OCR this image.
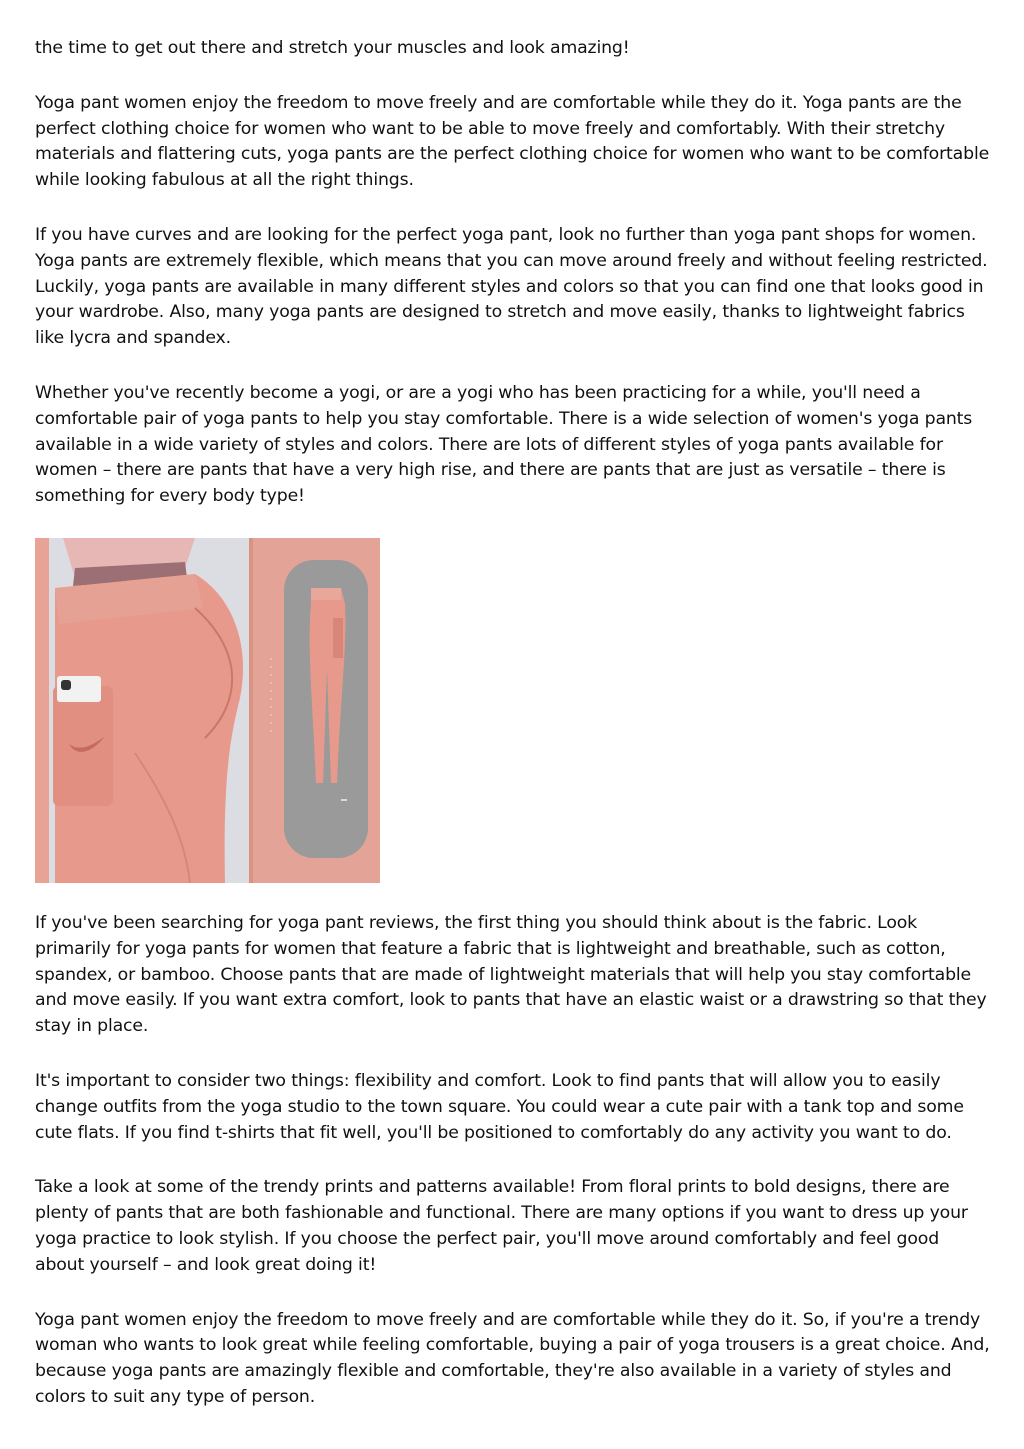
the time to get out there and stretch your muscles and look amazing!

Yoga pant women enjoy the freedom to move freely and are comfortable while they do it. Yoga pants are the perfect clothing choice for women who want to be able to move freely and comfortably. With their stretchy materials and flattering cuts, yoga pants are the perfect clothing choice for women who want to be comfortable while looking fabulous at all the right things.

If you have curves and are looking for the perfect yoga pant, look no further than yoga pant shops for women. Yoga pants are extremely flexible, which means that you can move around freely and without feeling restricted. Luckily, yoga pants are available in many different styles and colors so that you can find one that looks good in your wardrobe. Also, many yoga pants are designed to stretch and move easily, thanks to lightweight fabrics like lycra and spandex.

Whether you've recently become a yogi, or are a yogi who has been practicing for a while, you'll need a comfortable pair of yoga pants to help you stay comfortable. There is a wide selection of women's yoga pants available in a wide variety of styles and colors. There are lots of different styles of yoga pants available for women – there are pants that have a very high rise, and there are pants that are just as versatile – there is something for every body type!

If you've been searching for yoga pant reviews, the first thing you should think about is the fabric. Look primarily for yoga pants for women that feature a fabric that is lightweight and breathable, such as cotton, spandex, or bamboo. Choose pants that are made of lightweight materials that will help you stay comfortable and move easily. If you want extra comfort, look to pants that have an elastic waist or a drawstring so that they stay in place.

It's important to consider two things: flexibility and comfort. Look to find pants that will allow you to easily change outfits from the yoga studio to the town square. You could wear a cute pair with a tank top and some cute flats. If you find t-shirts that fit well, you'll be positioned to comfortably do any activity you want to do.

Take a look at some of the trendy prints and patterns available! From floral prints to bold designs, there are plenty of pants that are both fashionable and functional. There are many options if you want to dress up your yoga practice to look stylish. If you choose the perfect pair, you'll move around comfortably and feel good about yourself – and look great doing it!

Yoga pant women enjoy the freedom to move freely and are comfortable while they do it. So, if you're a trendy woman who wants to look great while feeling comfortable, buying a pair of yoga trousers is a great choice. And, because yoga pants are amazingly flexible and comfortable, they're also available in a variety of styles and colors to suit any type of person.
